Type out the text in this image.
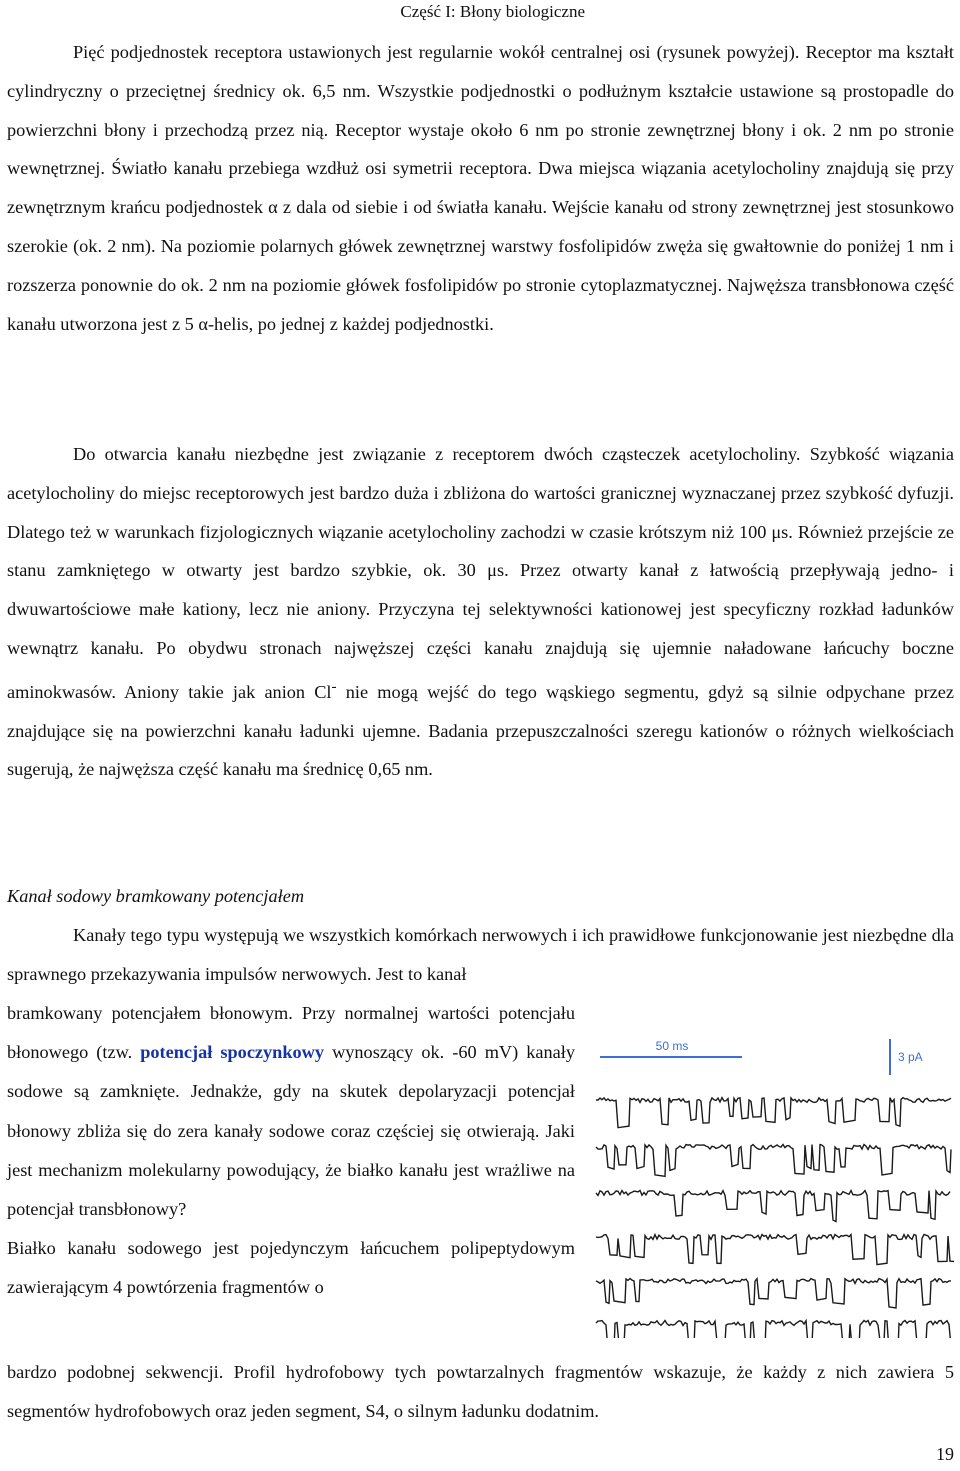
Część I: Błony biologiczne

Pięć podjednostek receptora ustawionych jest regularnie wokół centralnej osi (rysunek powyżej). Receptor ma kształt cylindryczny o przeciętnej średnicy ok. 6,5 nm. Wszystkie podjednostki o podłużnym kształcie ustawione są prostopadle do powierzchni błony i przechodzą przez nią. Receptor wystaje około 6 nm po stronie zewnętrznej błony i ok. 2 nm po stronie wewnętrznej. Światło kanału przebiega wzdłuż osi symetrii receptora. Dwa miejsca wiązania acetylocholiny znajdują się przy zewnętrznym krańcu podjednostek α z dala od siebie i od światła kanału. Wejście kanału od strony zewnętrznej jest stosunkowo szerokie (ok. 2 nm). Na poziomie polarnych główek zewnętrznej warstwy fosfolipidów zwęża się gwałtownie do poniżej 1 nm i rozszerza ponownie do ok. 2 nm na poziomie główek fosfolipidów po stronie cytoplazmatycznej. Najwęższa transbłonowa część kanału utworzona jest z 5 α-helis, po jednej z każdej podjednostki.

Do otwarcia kanału niezbędne jest związanie z receptorem dwóch cząsteczek acetylocholiny. Szybkość wiązania acetylocholiny do miejsc receptorowych jest bardzo duża i zbliżona do wartości granicznej wyznaczanej przez szybkość dyfuzji. Dlatego też w warunkach fizjologicznych wiązanie acetylocholiny zachodzi w czasie krótszym niż 100 μs. Również przejście ze stanu zamkniętego w otwarty jest bardzo szybkie, ok. 30 μs. Przez otwarty kanał z łatwością przepływają jedno- i dwuwartościowe małe kationy, lecz nie aniony. Przyczyna tej selektywności kationowej jest specyficzny rozkład ładunków wewnątrz kanału. Po obydwu stronach najwęższej części kanału znajdują się ujemnie naładowane łańcuchy boczne aminokwasów. Aniony takie jak anion Cl- nie mogą wejść do tego wąskiego segmentu, gdyż są silnie odpychane przez znajdujące się na powierzchni kanału ładunki ujemne. Badania przepuszczalności szeregu kationów o różnych wielkościach sugerują, że najwęższa część kanału ma średnicę 0,65 nm.

Kanał sodowy bramkowany potencjałem

Kanały tego typu występują we wszystkich komórkach nerwowych i ich prawidłowe funkcjonowanie jest niezbędne dla sprawnego przekazywania impulsów nerwowych. Jest to kanał

bramkowany potencjałem błonowym. Przy normalnej wartości potencjału błonowego (tzw. potencjał spoczynkowy wynoszący ok. -60 mV) kanały sodowe są zamknięte. Jednakże, gdy na skutek depolaryzacji potencjał błonowy zbliża się do zera kanały sodowe coraz częściej się otwierają. Jaki jest mechanizm molekularny powodujący, że białko kanału jest wrażliwe na potencjał transbłonowy?

Białko kanału sodowego jest pojedynczym łańcuchem polipeptydowym zawierającym 4 powtórzenia fragmentów o

bardzo podobnej sekwencji. Profil hydrofobowy tych powtarzalnych fragmentów wskazuje, że każdy z nich zawiera 5 segmentów hydrofobowych oraz jeden segment, S4, o silnym ładunku dodatnim.

50 ms
3 pA
19
